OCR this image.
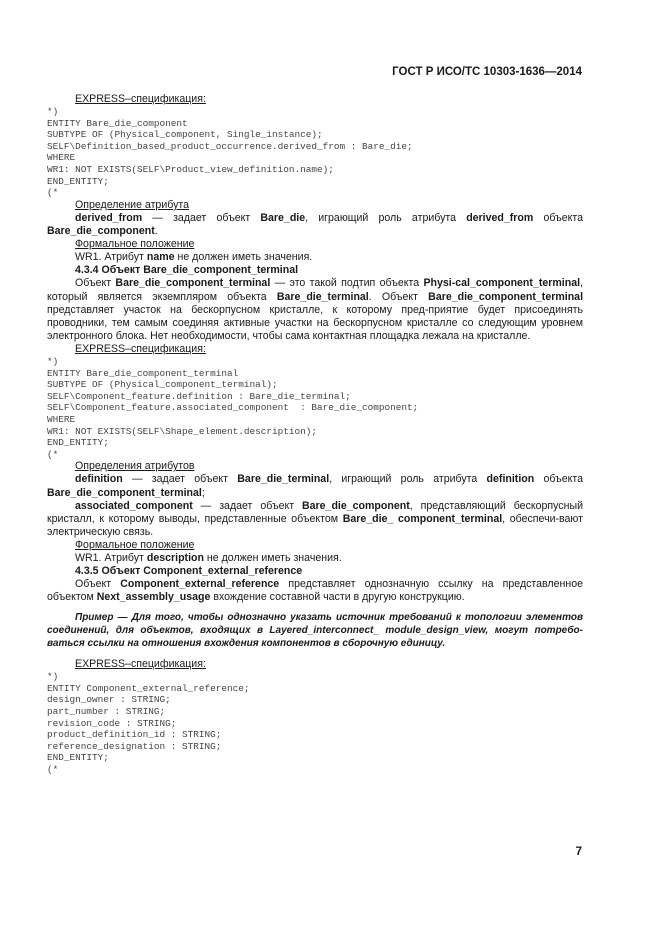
ГОСТ Р ИСО/ТС 10303-1636—2014

EXPRESS–спецификация:

*)
ENTITY Bare_die_component
SUBTYPE OF (Physical_component, Single_instance);
SELF\Definition_based_product_occurrence.derived_from : Bare_die;
WHERE
WR1: NOT EXISTS(SELF\Product_view_definition.name);
END_ENTITY;
(*

Определение атрибута

derived_from — задает объект Bare_die, играющий роль атрибута derived_from объекта Bare_die_component.

Формальное положение

WR1. Атрибут name не должен иметь значения.

4.3.4 Объект Bare_die_component_terminal

Объект Bare_die_component_terminal — это такой подтип объекта Physi-cal_component_terminal, который является экземпляром объекта Bare_die_terminal. Объект Bare_die_component_terminal представляет участок на бескорпусном кристалле, к которому пред-приятие будет присоединять проводники, тем самым соединяя активные участки на бескорпусном кристалле со следующим уровнем электронного блока. Нет необходимости, чтобы сама контактная площадка лежала на кристалле.

EXPRESS–спецификация:

*)
ENTITY Bare_die_component_terminal
SUBTYPE OF (Physical_component_terminal);
SELF\Component_feature.definition : Bare_die_terminal;
SELF\Component_feature.associated_component  : Bare_die_component;
WHERE
WR1: NOT EXISTS(SELF\Shape_element.description);
END_ENTITY;
(*

Определения атрибутов

definition — задает объект Bare_die_terminal, играющий роль атрибута definition объекта Bare_die_component_terminal;

associated_component — задает объект Bare_die_component, представляющий бескорпусный кристалл, к которому выводы, представленные объектом Bare_die_ component_terminal, обеспечи-вают электрическую связь.

Формальное положение

WR1. Атрибут description не должен иметь значения.

4.3.5 Объект Component_external_reference

Объект Component_external_reference представляет однозначную ссылку на представленное объектом Next_assembly_usage вхождение составной части в другую конструкцию.

Пример — Для того, чтобы однозначно указать источник требований к топологии элементов соединений, для объектов, входящих в Layered_interconnect_ module_design_view, могут потребо-ваться ссылки на отношения вхождения компонентов в сборочную единицу.

EXPRESS–спецификация:

*)
ENTITY Component_external_reference;
design_owner : STRING;
part_number : STRING;
revision_code : STRING;
product_definition_id : STRING;
reference_designation : STRING;
END_ENTITY;
(*
7
